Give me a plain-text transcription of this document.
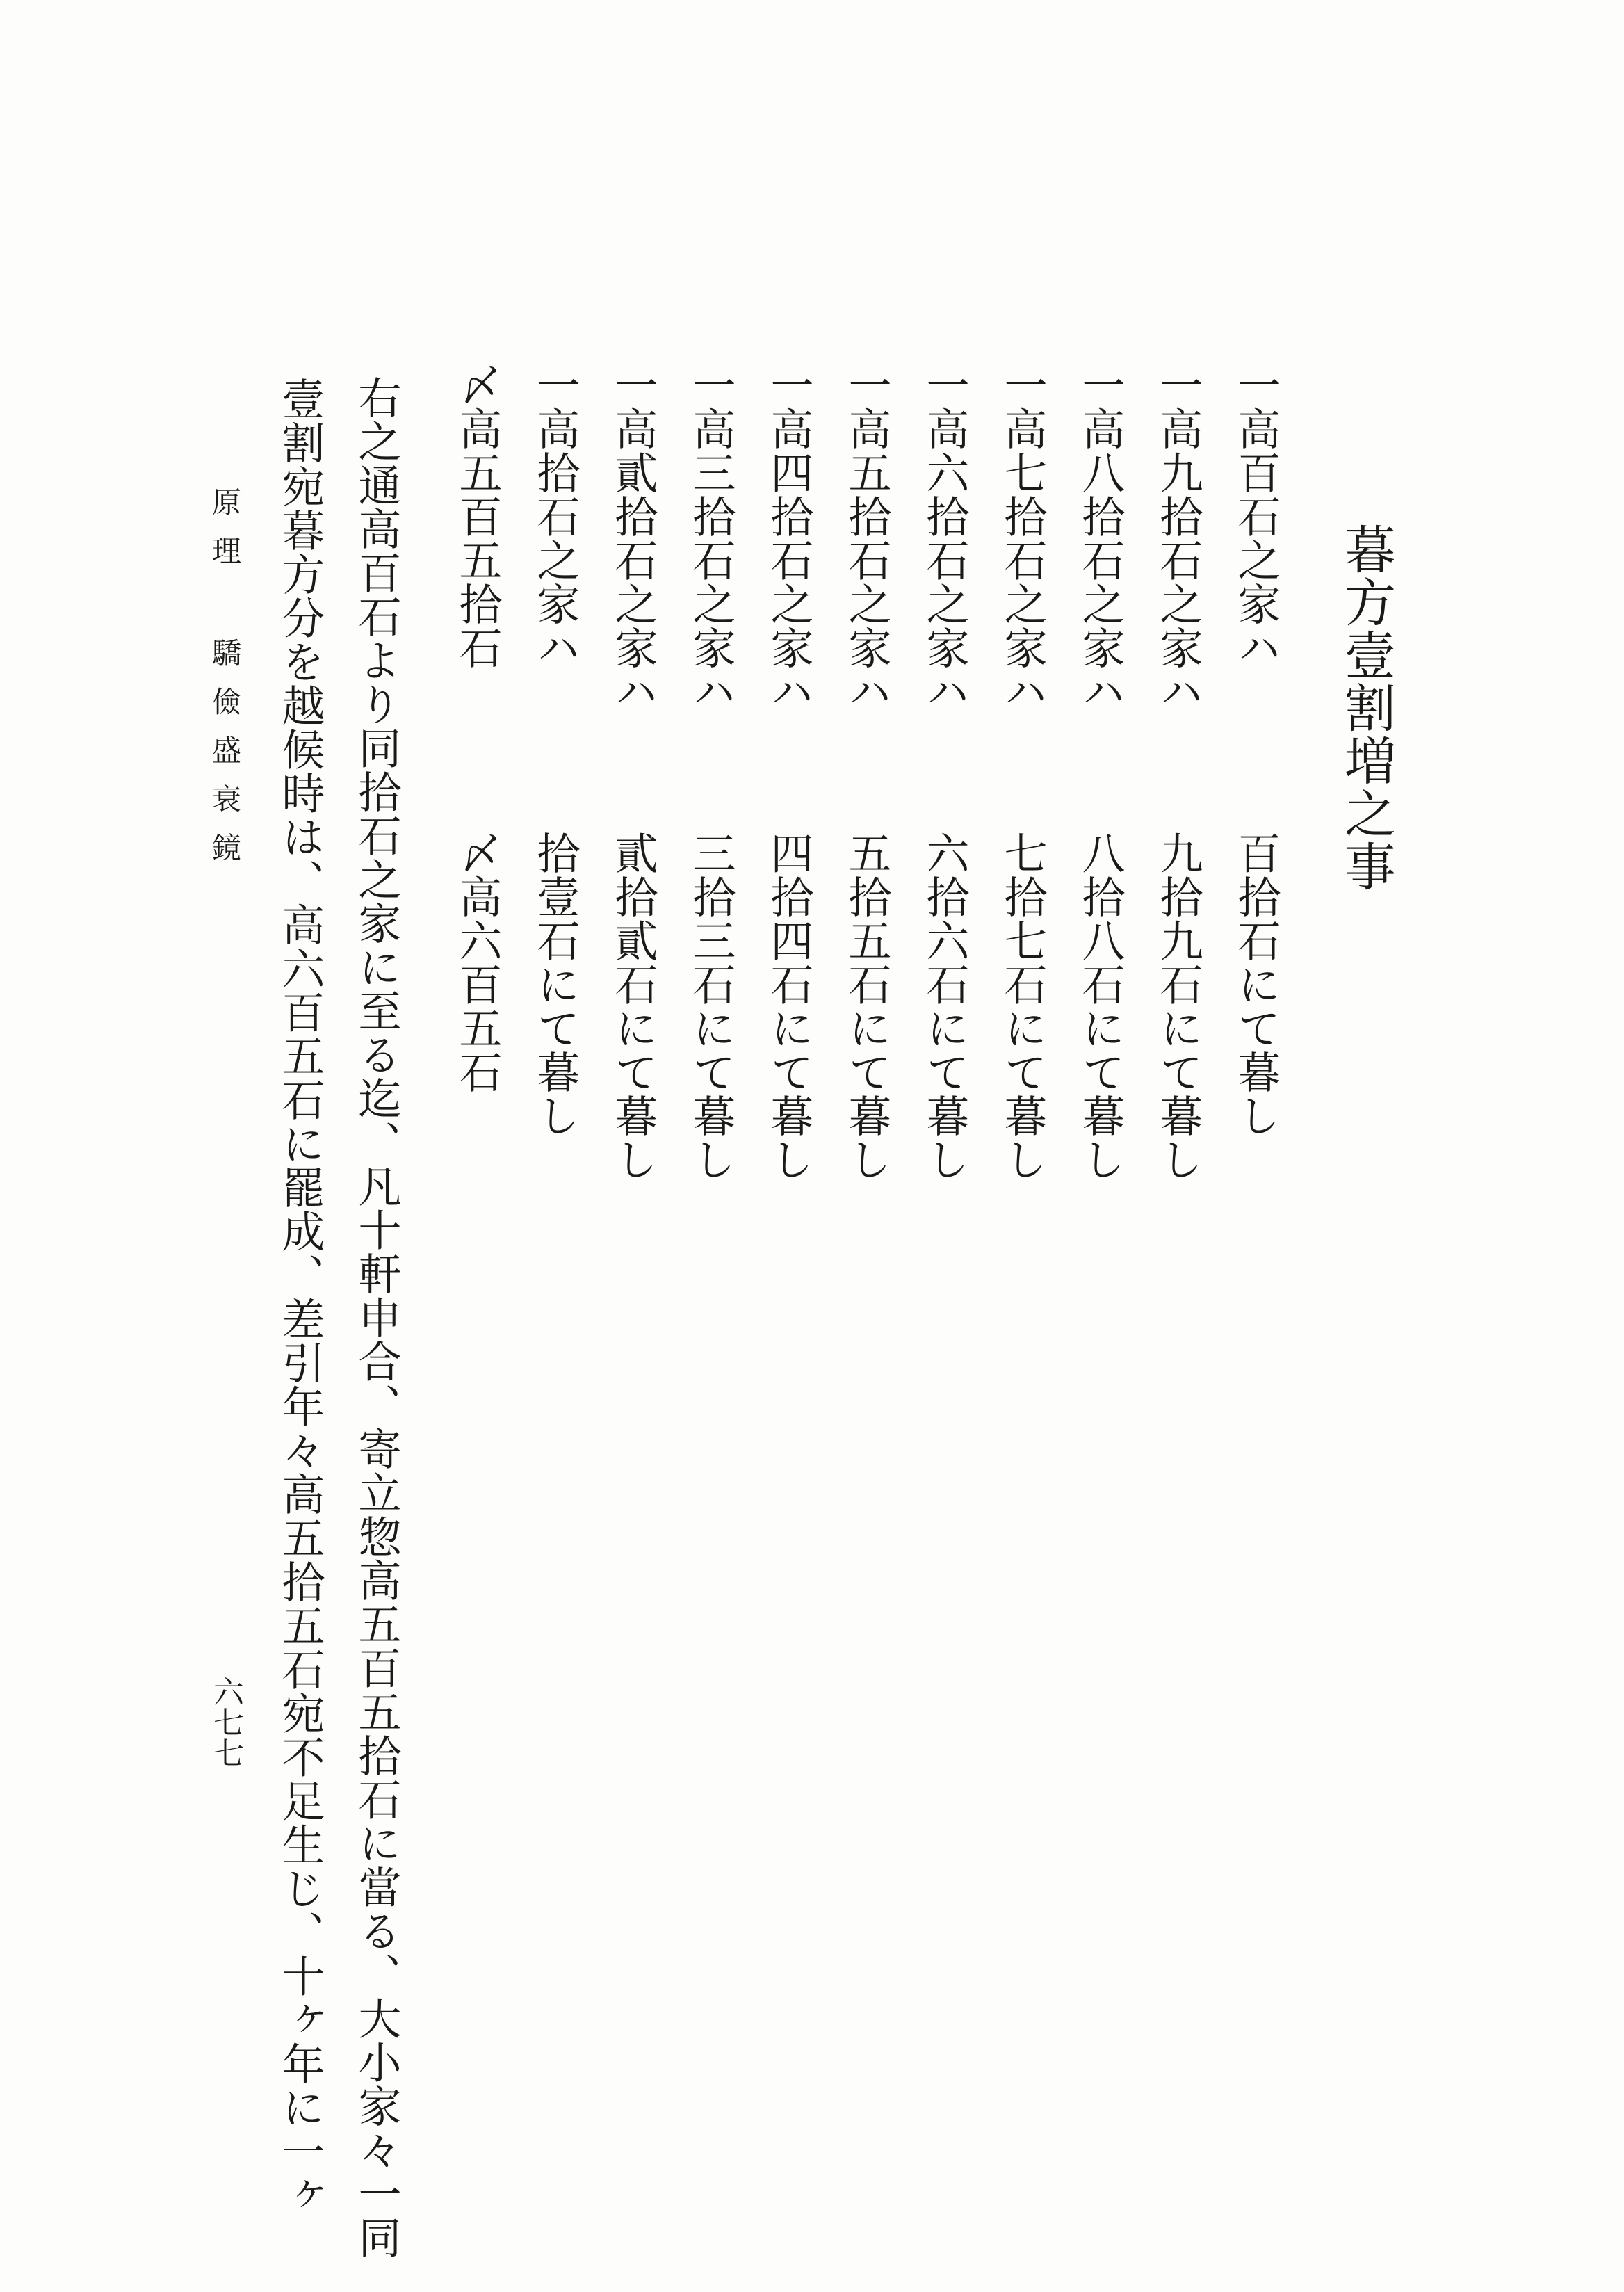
暮方壹割増之事
一高百石之家ハ
一高九拾石之家ハ
一高八拾石之家ハ
一高七拾石之家ハ
一高六拾石之家ハ
一高五拾石之家ハ
一高四拾石之家ハ
一高三拾石之家ハ
一高貳拾石之家ハ
一高拾石之家ハ
百拾石にて暮し
九拾九石にて暮し
八拾八石にて暮し
七拾七石にて暮し
六拾六石にて暮し
五拾五石にて暮し
四拾四石にて暮し
三拾三石にて暮し
貳拾貳石にて暮し
拾壹石にて暮し
〆高五百五拾石
〆高六百五石
右之通高百石より同拾石之家に至る迄、凡十軒申合、寄立惣高五百五拾石に當る、大小家々一同
壹割宛暮方分を越候時は、高六百五石に罷成、差引年々高五拾五石宛不足生じ、十ヶ年に一ヶ
原理 驕儉盛衰鏡
六七七
